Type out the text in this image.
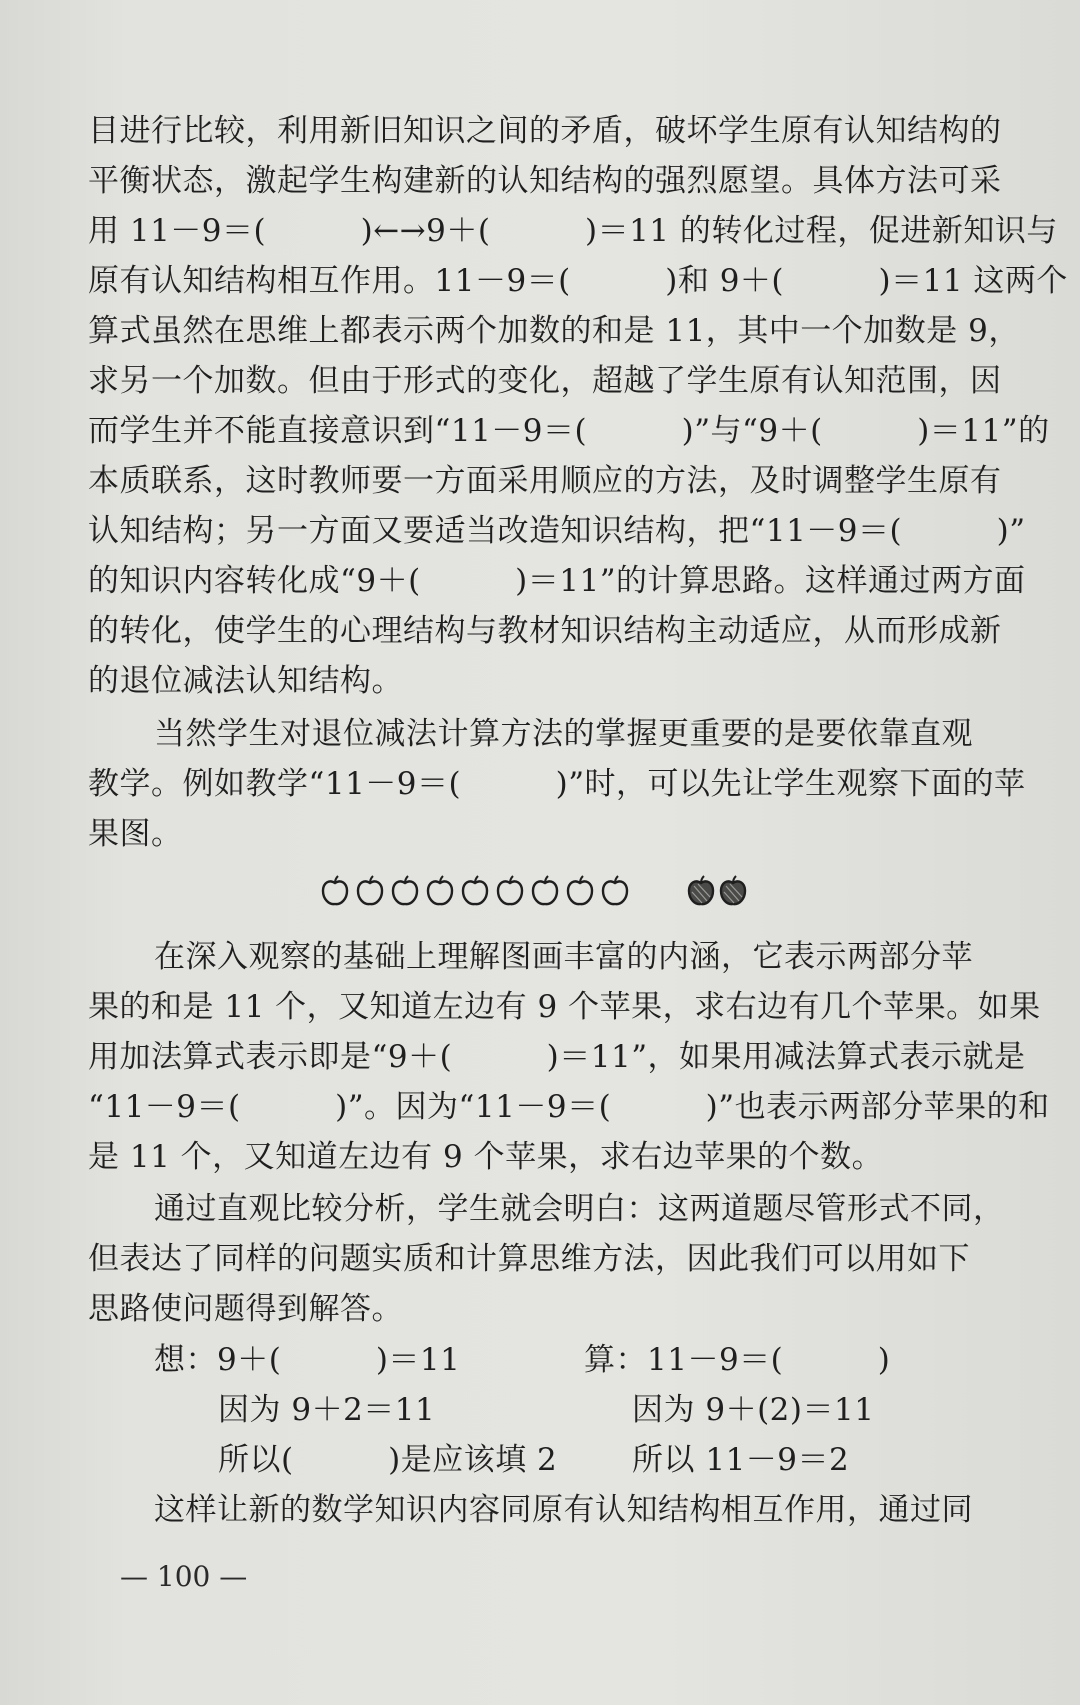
目进行比较，利用新旧知识之间的矛盾，破坏学生原有认知结构的
平衡状态，激起学生构建新的认知结构的强烈愿望。具体方法可采
用 11－9＝(　　　)←→9＋(　　　)＝11 的转化过程，促进新知识与
原有认知结构相互作用。11－9＝(　　　)和 9＋(　　　)＝11 这两个
算式虽然在思维上都表示两个加数的和是 11，其中一个加数是 9，
求另一个加数。但由于形式的变化，超越了学生原有认知范围，因
而学生并不能直接意识到“11－9＝(　　　)”与“9＋(　　　)＝11”的
本质联系，这时教师要一方面采用顺应的方法，及时调整学生原有
认知结构；另一方面又要适当改造知识结构，把“11－9＝(　　　)”
的知识内容转化成“9＋(　　　)＝11”的计算思路。这样通过两方面
的转化，使学生的心理结构与教材知识结构主动适应，从而形成新
的退位减法认知结构。

当然学生对退位减法计算方法的掌握更重要的是要依靠直观
教学。例如教学“11－9＝(　　　)”时，可以先让学生观察下面的苹
果图。

在深入观察的基础上理解图画丰富的内涵，它表示两部分苹
果的和是 11 个，又知道左边有 9 个苹果，求右边有几个苹果。如果
用加法算式表示即是“9＋(　　　)＝11”，如果用减法算式表示就是
“11－9＝(　　　)”。因为“11－9＝(　　　)”也表示两部分苹果的和
是 11 个，又知道左边有 9 个苹果，求右边苹果的个数。

通过直观比较分析，学生就会明白：这两道题尽管形式不同，
但表达了同样的问题实质和计算思维方法，因此我们可以用如下
思路使问题得到解答。

想：9＋(　　　)＝11
因为 9＋2＝11
所以(　　　)是应该填 2
算：11－9＝(　　　)
因为 9＋(2)＝11
所以 11－9＝2

这样让新的数学知识内容同原有认知结构相互作用，通过同

— 100 —
